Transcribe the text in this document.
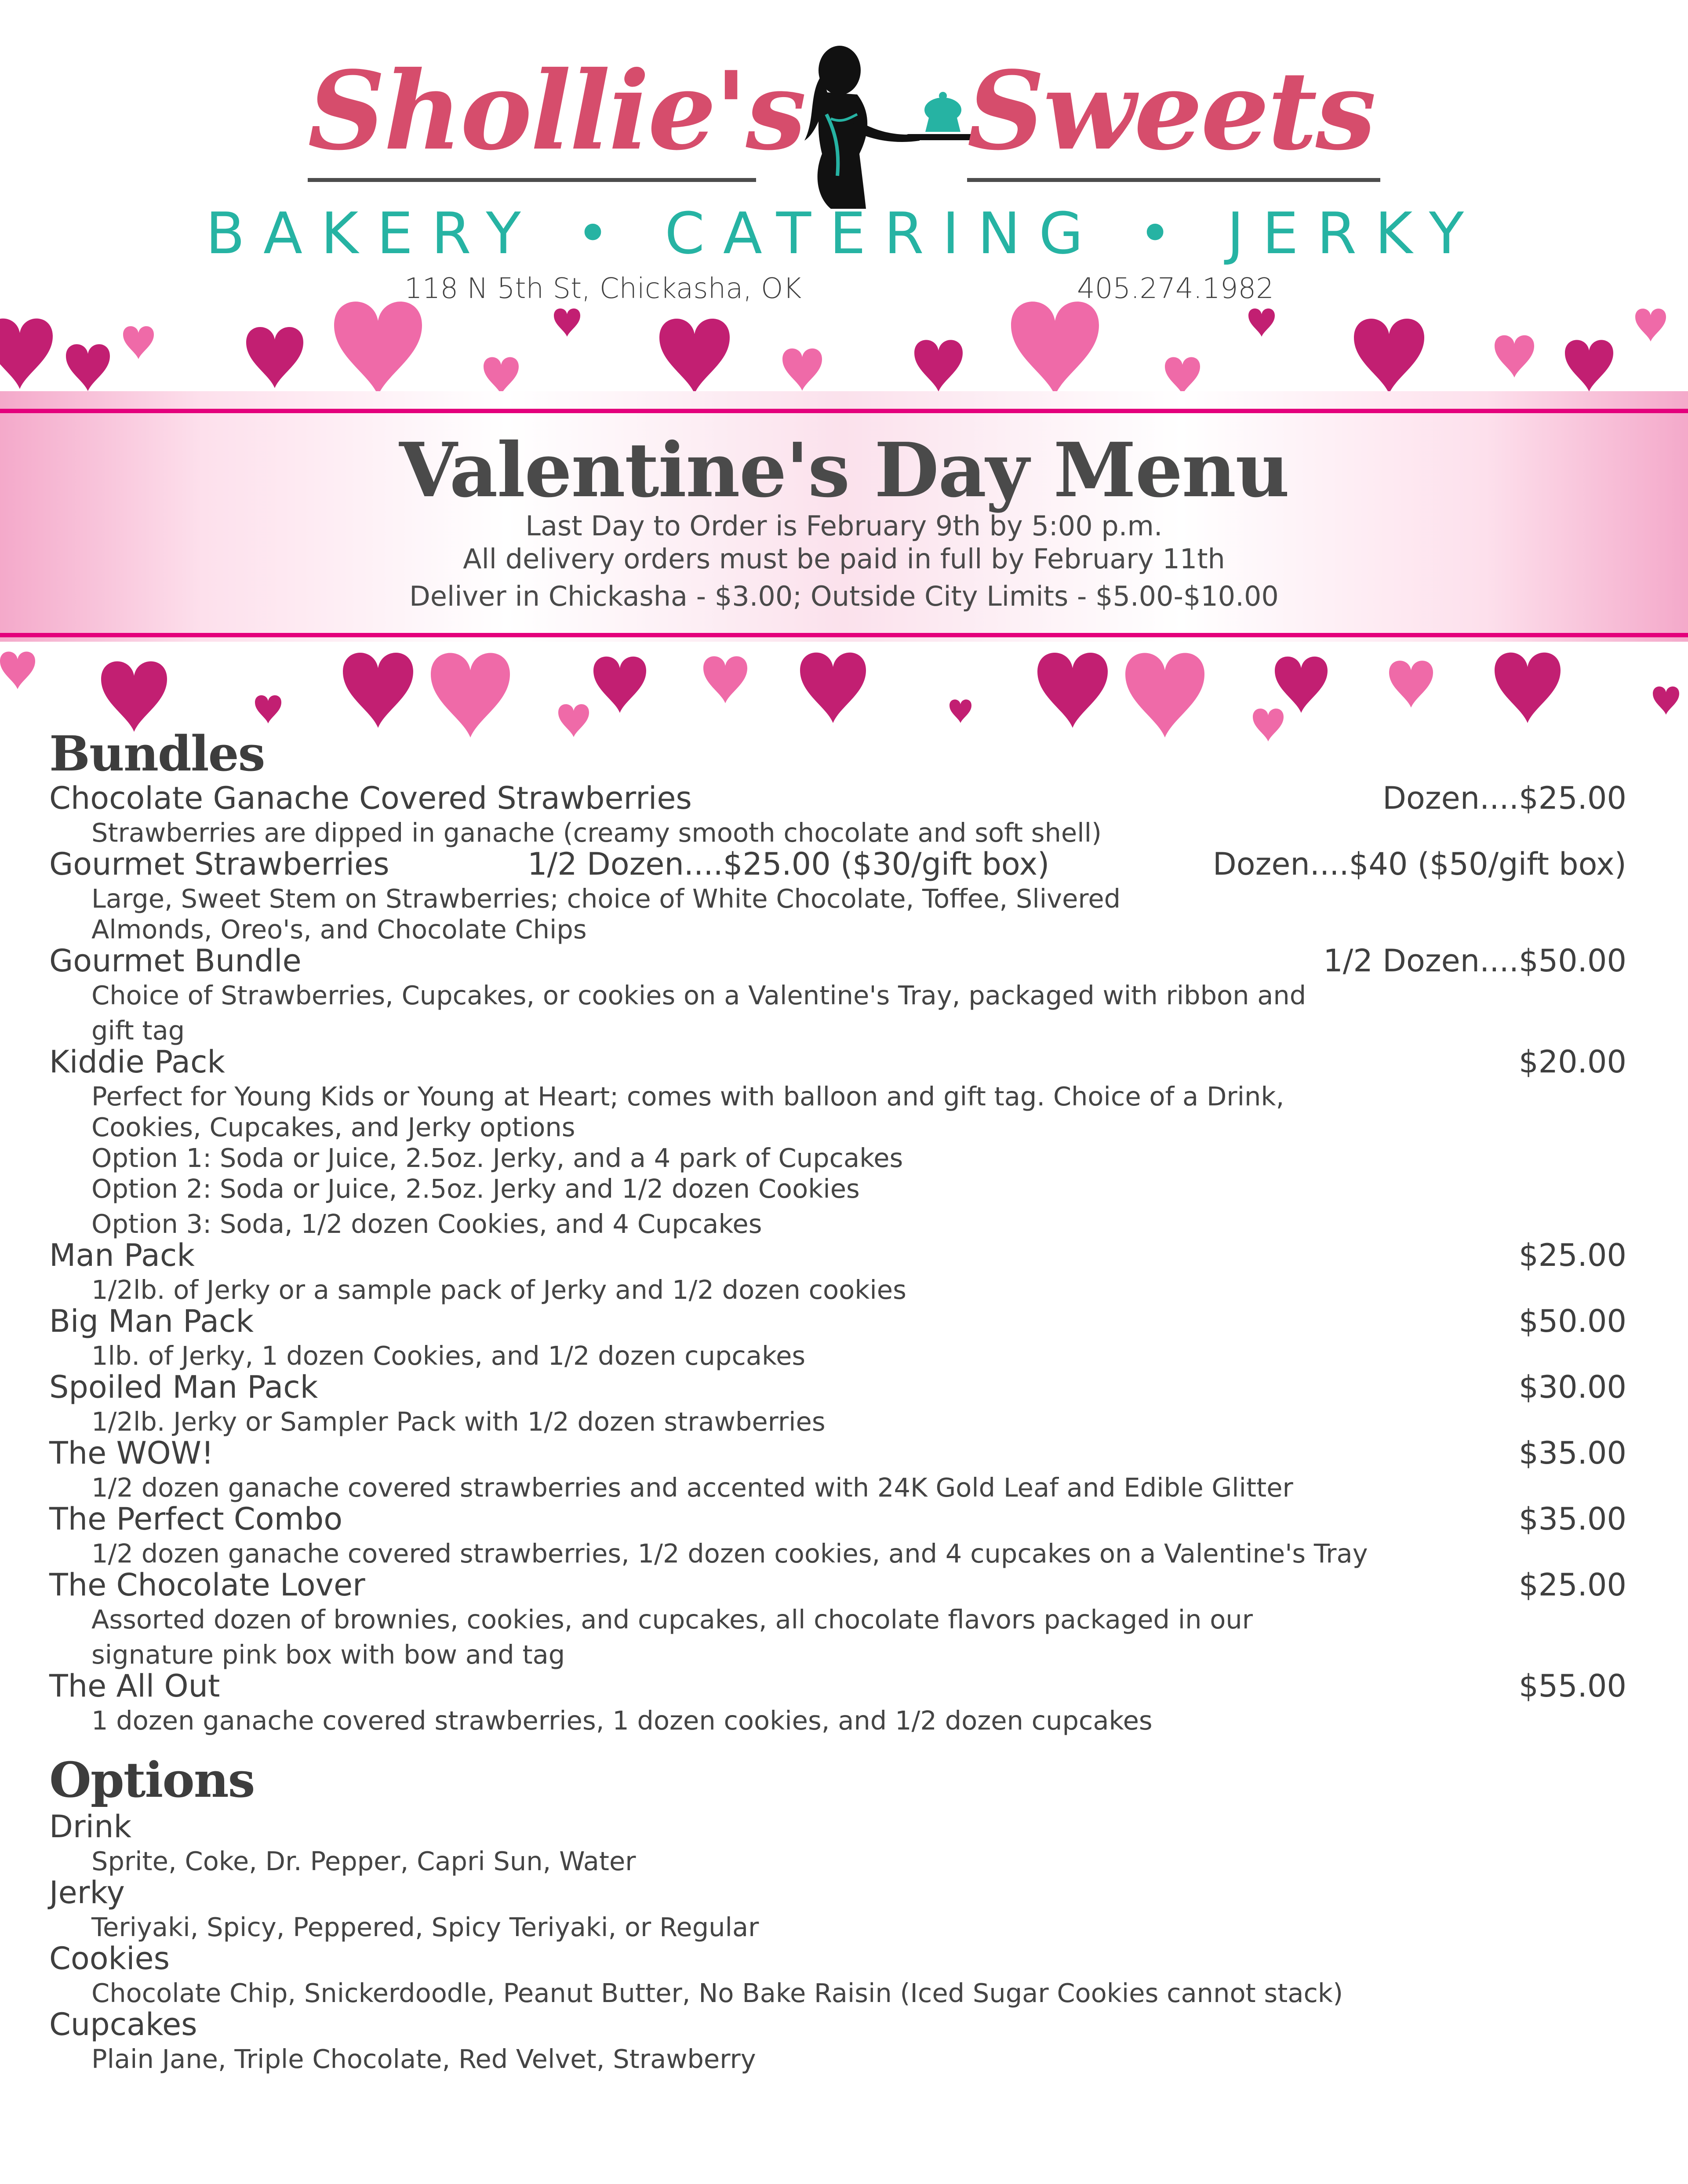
Shollie's Sweets
BAKERY • CATERING • JERKY
118 N 5th St, Chickasha, OK	405.274.1982
Valentine's Day Menu
Last Day to Order is February 9th by 5:00 p.m.
All delivery orders must be paid in full by February 11th
Deliver in Chickasha - $3.00; Outside City Limits - $5.00-$10.00
Bundles
Chocolate Ganache Covered Strawberries	Dozen....$25.00
Strawberries are dipped in ganache (creamy smooth chocolate and soft shell)
Gourmet Strawberries	1/2 Dozen....$25.00 ($30/gift box)	Dozen....$40 ($50/gift box)
Large, Sweet Stem on Strawberries; choice of White Chocolate, Toffee, Slivered
Almonds, Oreo's, and Chocolate Chips
Gourmet Bundle	1/2 Dozen....$50.00
Choice of Strawberries, Cupcakes, or cookies on a Valentine's Tray, packaged with ribbon and
gift tag
Kiddie Pack	$20.00
Perfect for Young Kids or Young at Heart; comes with balloon and gift tag. Choice of a Drink,
Cookies, Cupcakes, and Jerky options
Option 1: Soda or Juice, 2.5oz. Jerky, and a 4 park of Cupcakes
Option 2: Soda or Juice, 2.5oz. Jerky and 1/2 dozen Cookies
Option 3: Soda, 1/2 dozen Cookies, and 4 Cupcakes
Man Pack	$25.00
1/2lb. of Jerky or a sample pack of Jerky and 1/2 dozen cookies
Big Man Pack	$50.00
1lb. of Jerky, 1 dozen Cookies, and 1/2 dozen cupcakes
Spoiled Man Pack	$30.00
1/2lb. Jerky or Sampler Pack with 1/2 dozen strawberries
The WOW!	$35.00
1/2 dozen ganache covered strawberries and accented with 24K Gold Leaf and Edible Glitter
The Perfect Combo	$35.00
1/2 dozen ganache covered strawberries, 1/2 dozen cookies, and 4 cupcakes on a Valentine's Tray
The Chocolate Lover	$25.00
Assorted dozen of brownies, cookies, and cupcakes, all chocolate flavors packaged in our
signature pink box with bow and tag
The All Out	$55.00
1 dozen ganache covered strawberries, 1 dozen cookies, and 1/2 dozen cupcakes
Options
Drink
Sprite, Coke, Dr. Pepper, Capri Sun, Water
Jerky
Teriyaki, Spicy, Peppered, Spicy Teriyaki, or Regular
Cookies
Chocolate Chip, Snickerdoodle, Peanut Butter, No Bake Raisin (Iced Sugar Cookies cannot stack)
Cupcakes
Plain Jane, Triple Chocolate, Red Velvet, Strawberry
